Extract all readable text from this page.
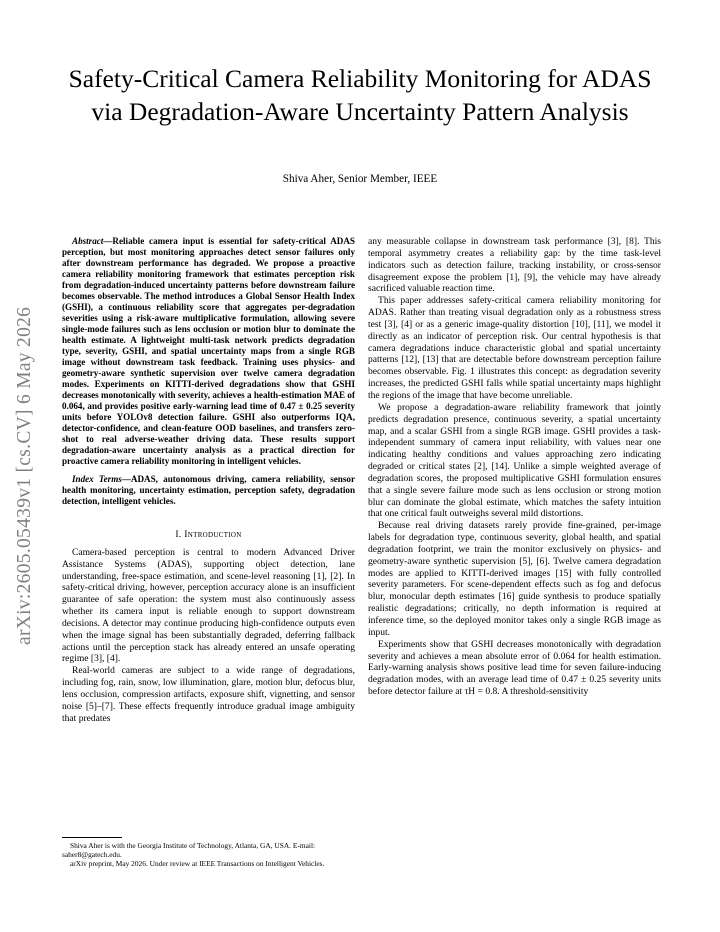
arXiv:2605.05439v1 [cs.CV] 6 May 2026
Safety-Critical Camera Reliability Monitoring for ADAS via Degradation-Aware Uncertainty Pattern Analysis
Shiva Aher, Senior Member, IEEE

Abstract—Reliable camera input is essential for safety-critical ADAS perception, but most monitoring approaches detect sensor failures only after downstream performance has degraded. We propose a proactive camera reliability monitoring framework that estimates perception risk from degradation-induced uncertainty patterns before downstream failure becomes observable. The method introduces a Global Sensor Health Index (GSHI), a continuous reliability score that aggregates per-degradation severities using a risk-aware multiplicative formulation, allowing severe single-mode failures such as lens occlusion or motion blur to dominate the health estimate. A lightweight multi-task network predicts degradation type, severity, GSHI, and spatial uncertainty maps from a single RGB image without downstream task feedback. Training uses physics- and geometry-aware synthetic supervision over twelve camera degradation modes. Experiments on KITTI-derived degradations show that GSHI decreases monotonically with severity, achieves a health-estimation MAE of 0.064, and provides positive early-warning lead time of 0.47 ± 0.25 severity units before YOLOv8 detection failure. GSHI also outperforms IQA, detector-confidence, and clean-feature OOD baselines, and transfers zero-shot to real adverse-weather driving data. These results support degradation-aware uncertainty analysis as a practical direction for proactive camera reliability monitoring in intelligent vehicles.

Index Terms—ADAS, autonomous driving, camera reliability, sensor health monitoring, uncertainty estimation, perception safety, degradation detection, intelligent vehicles.

I. Introduction

Camera-based perception is central to modern Advanced Driver Assistance Systems (ADAS), supporting object detection, lane understanding, free-space estimation, and scene-level reasoning [1], [2]. In safety-critical driving, however, perception accuracy alone is an insufficient guarantee of safe operation: the system must also continuously assess whether its camera input is reliable enough to support downstream decisions. A detector may continue producing high-confidence outputs even when the image signal has been substantially degraded, deferring fallback actions until the perception stack has already entered an unsafe operating regime [3], [4].

Real-world cameras are subject to a wide range of degradations, including fog, rain, snow, low illumination, glare, motion blur, defocus blur, lens occlusion, compression artifacts, exposure shift, vignetting, and sensor noise [5]–[7]. These effects frequently introduce gradual image ambiguity that predates

any measurable collapse in downstream task performance [3], [8]. This temporal asymmetry creates a reliability gap: by the time task-level indicators such as detection failure, tracking instability, or cross-sensor disagreement expose the problem [1], [9], the vehicle may have already sacrificed valuable reaction time.

This paper addresses safety-critical camera reliability monitoring for ADAS. Rather than treating visual degradation only as a robustness stress test [3], [4] or as a generic image-quality distortion [10], [11], we model it directly as an indicator of perception risk. Our central hypothesis is that camera degradations induce characteristic global and spatial uncertainty patterns [12], [13] that are detectable before downstream perception failure becomes observable. Fig. 1 illustrates this concept: as degradation severity increases, the predicted GSHI falls while spatial uncertainty maps highlight the regions of the image that have become unreliable.

We propose a degradation-aware reliability framework that jointly predicts degradation presence, continuous severity, a spatial uncertainty map, and a scalar GSHI from a single RGB image. GSHI provides a task-independent summary of camera input reliability, with values near one indicating healthy conditions and values approaching zero indicating degraded or critical states [2], [14]. Unlike a simple weighted average of degradation scores, the proposed multiplicative GSHI formulation ensures that a single severe failure mode such as lens occlusion or strong motion blur can dominate the global estimate, which matches the safety intuition that one critical fault outweighs several mild distortions.

Because real driving datasets rarely provide fine-grained, per-image labels for degradation type, continuous severity, global health, and spatial degradation footprint, we train the monitor exclusively on physics- and geometry-aware synthetic supervision [5], [6]. Twelve camera degradation modes are applied to KITTI-derived images [15] with fully controlled severity parameters. For scene-dependent effects such as fog and defocus blur, monocular depth estimates [16] guide synthesis to produce spatially realistic degradations; critically, no depth information is required at inference time, so the deployed monitor takes only a single RGB image as input.

Experiments show that GSHI decreases monotonically with degradation severity and achieves a mean absolute error of 0.064 for health estimation. Early-warning analysis shows positive lead time for seven failure-inducing degradation modes, with an average lead time of 0.47 ± 0.25 severity units before detector failure at τH = 0.8. A threshold-sensitivity

Shiva Aher is with the Georgia Institute of Technology, Atlanta, GA, USA. E-mail: saher8@gatech.edu.

arXiv preprint, May 2026. Under review at IEEE Transactions on Intelligent Vehicles.
